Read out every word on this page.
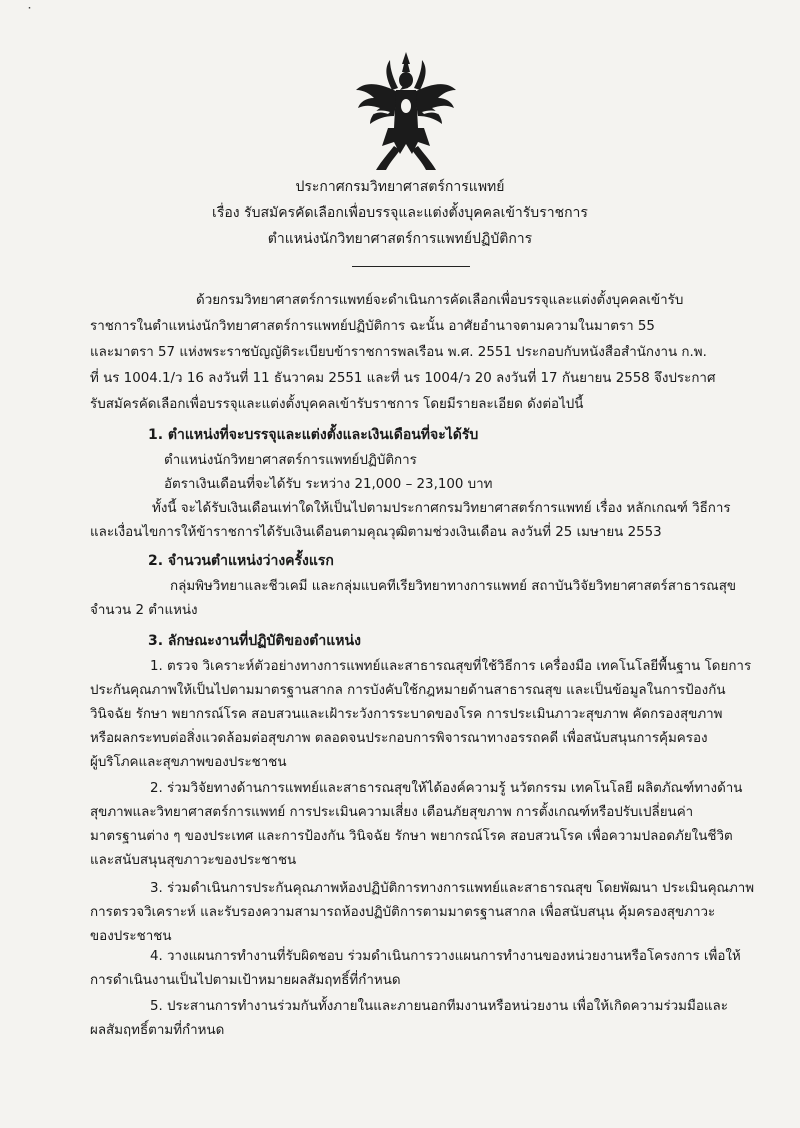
˙
ประกาศกรมวิทยาศาสตร์การแพทย์
เรื่อง รับสมัครคัดเลือกเพื่อบรรจุและแต่งตั้งบุคคลเข้ารับราชการ
ตำแหน่งนักวิทยาศาสตร์การแพทย์ปฏิบัติการ
ด้วยกรมวิทยาศาสตร์การแพทย์จะดำเนินการคัดเลือกเพื่อบรรจุและแต่งตั้งบุคคลเข้ารับ
ราชการในตำแหน่งนักวิทยาศาสตร์การแพทย์ปฏิบัติการ ฉะนั้น อาศัยอำนาจตามความในมาตรา 55
และมาตรา 57 แห่งพระราชบัญญัติระเบียบข้าราชการพลเรือน พ.ศ. 2551 ประกอบกับหนังสือสำนักงาน ก.พ.
ที่ นร 1004.1/ว 16 ลงวันที่ 11 ธันวาคม 2551 และที่ นร 1004/ว 20 ลงวันที่ 17 กันยายน 2558 จึงประกาศ
รับสมัครคัดเลือกเพื่อบรรจุและแต่งตั้งบุคคลเข้ารับราชการ โดยมีรายละเอียด ดังต่อไปนี้
1. ตำแหน่งที่จะบรรจุและแต่งตั้งและเงินเดือนที่จะได้รับ
ตำแหน่งนักวิทยาศาสตร์การแพทย์ปฏิบัติการ
อัตราเงินเดือนที่จะได้รับ ระหว่าง 21,000 – 23,100 บาท
ทั้งนี้ จะได้รับเงินเดือนเท่าใดให้เป็นไปตามประกาศกรมวิทยาศาสตร์การแพทย์ เรื่อง หลักเกณฑ์ วิธีการ
และเงื่อนไขการให้ข้าราชการได้รับเงินเดือนตามคุณวุฒิตามช่วงเงินเดือน ลงวันที่ 25 เมษายน 2553
2. จำนวนตำแหน่งว่างครั้งแรก
กลุ่มพิษวิทยาและชีวเคมี และกลุ่มแบคทีเรียวิทยาทางการแพทย์ สถาบันวิจัยวิทยาศาสตร์สาธารณสุข
จำนวน 2 ตำแหน่ง
3. ลักษณะงานที่ปฏิบัติของตำแหน่ง
1. ตรวจ วิเคราะห์ตัวอย่างทางการแพทย์และสาธารณสุขที่ใช้วิธีการ เครื่องมือ เทคโนโลยีพื้นฐาน โดยการ
ประกันคุณภาพให้เป็นไปตามมาตรฐานสากล การบังคับใช้กฎหมายด้านสาธารณสุข และเป็นข้อมูลในการป้องกัน
วินิจฉัย รักษา พยากรณ์โรค สอบสวนและเฝ้าระวังการระบาดของโรค การประเมินภาวะสุขภาพ คัดกรองสุขภาพ
หรือผลกระทบต่อสิ่งแวดล้อมต่อสุขภาพ ตลอดจนประกอบการพิจารณาทางอรรถคดี เพื่อสนับสนุนการคุ้มครอง
ผู้บริโภคและสุขภาพของประชาชน
2. ร่วมวิจัยทางด้านการแพทย์และสาธารณสุขให้ได้องค์ความรู้ นวัตกรรม เทคโนโลยี ผลิตภัณฑ์ทางด้าน
สุขภาพและวิทยาศาสตร์การแพทย์ การประเมินความเสี่ยง เตือนภัยสุขภาพ การตั้งเกณฑ์หรือปรับเปลี่ยนค่า
มาตรฐานต่าง ๆ ของประเทศ และการป้องกัน วินิจฉัย รักษา พยากรณ์โรค สอบสวนโรค เพื่อความปลอดภัยในชีวิต
และสนับสนุนสุขภาวะของประชาชน
3. ร่วมดำเนินการประกันคุณภาพห้องปฏิบัติการทางการแพทย์และสาธารณสุข โดยพัฒนา ประเมินคุณภาพ
การตรวจวิเคราะห์ และรับรองความสามารถห้องปฏิบัติการตามมาตรฐานสากล เพื่อสนับสนุน คุ้มครองสุขภาวะ
ของประชาชน
4. วางแผนการทำงานที่รับผิดชอบ ร่วมดำเนินการวางแผนการทำงานของหน่วยงานหรือโครงการ เพื่อให้
การดำเนินงานเป็นไปตามเป้าหมายผลสัมฤทธิ์ที่กำหนด
5. ประสานการทำงานร่วมกันทั้งภายในและภายนอกทีมงานหรือหน่วยงาน เพื่อให้เกิดความร่วมมือและ
ผลสัมฤทธิ์ตามที่กำหนด
